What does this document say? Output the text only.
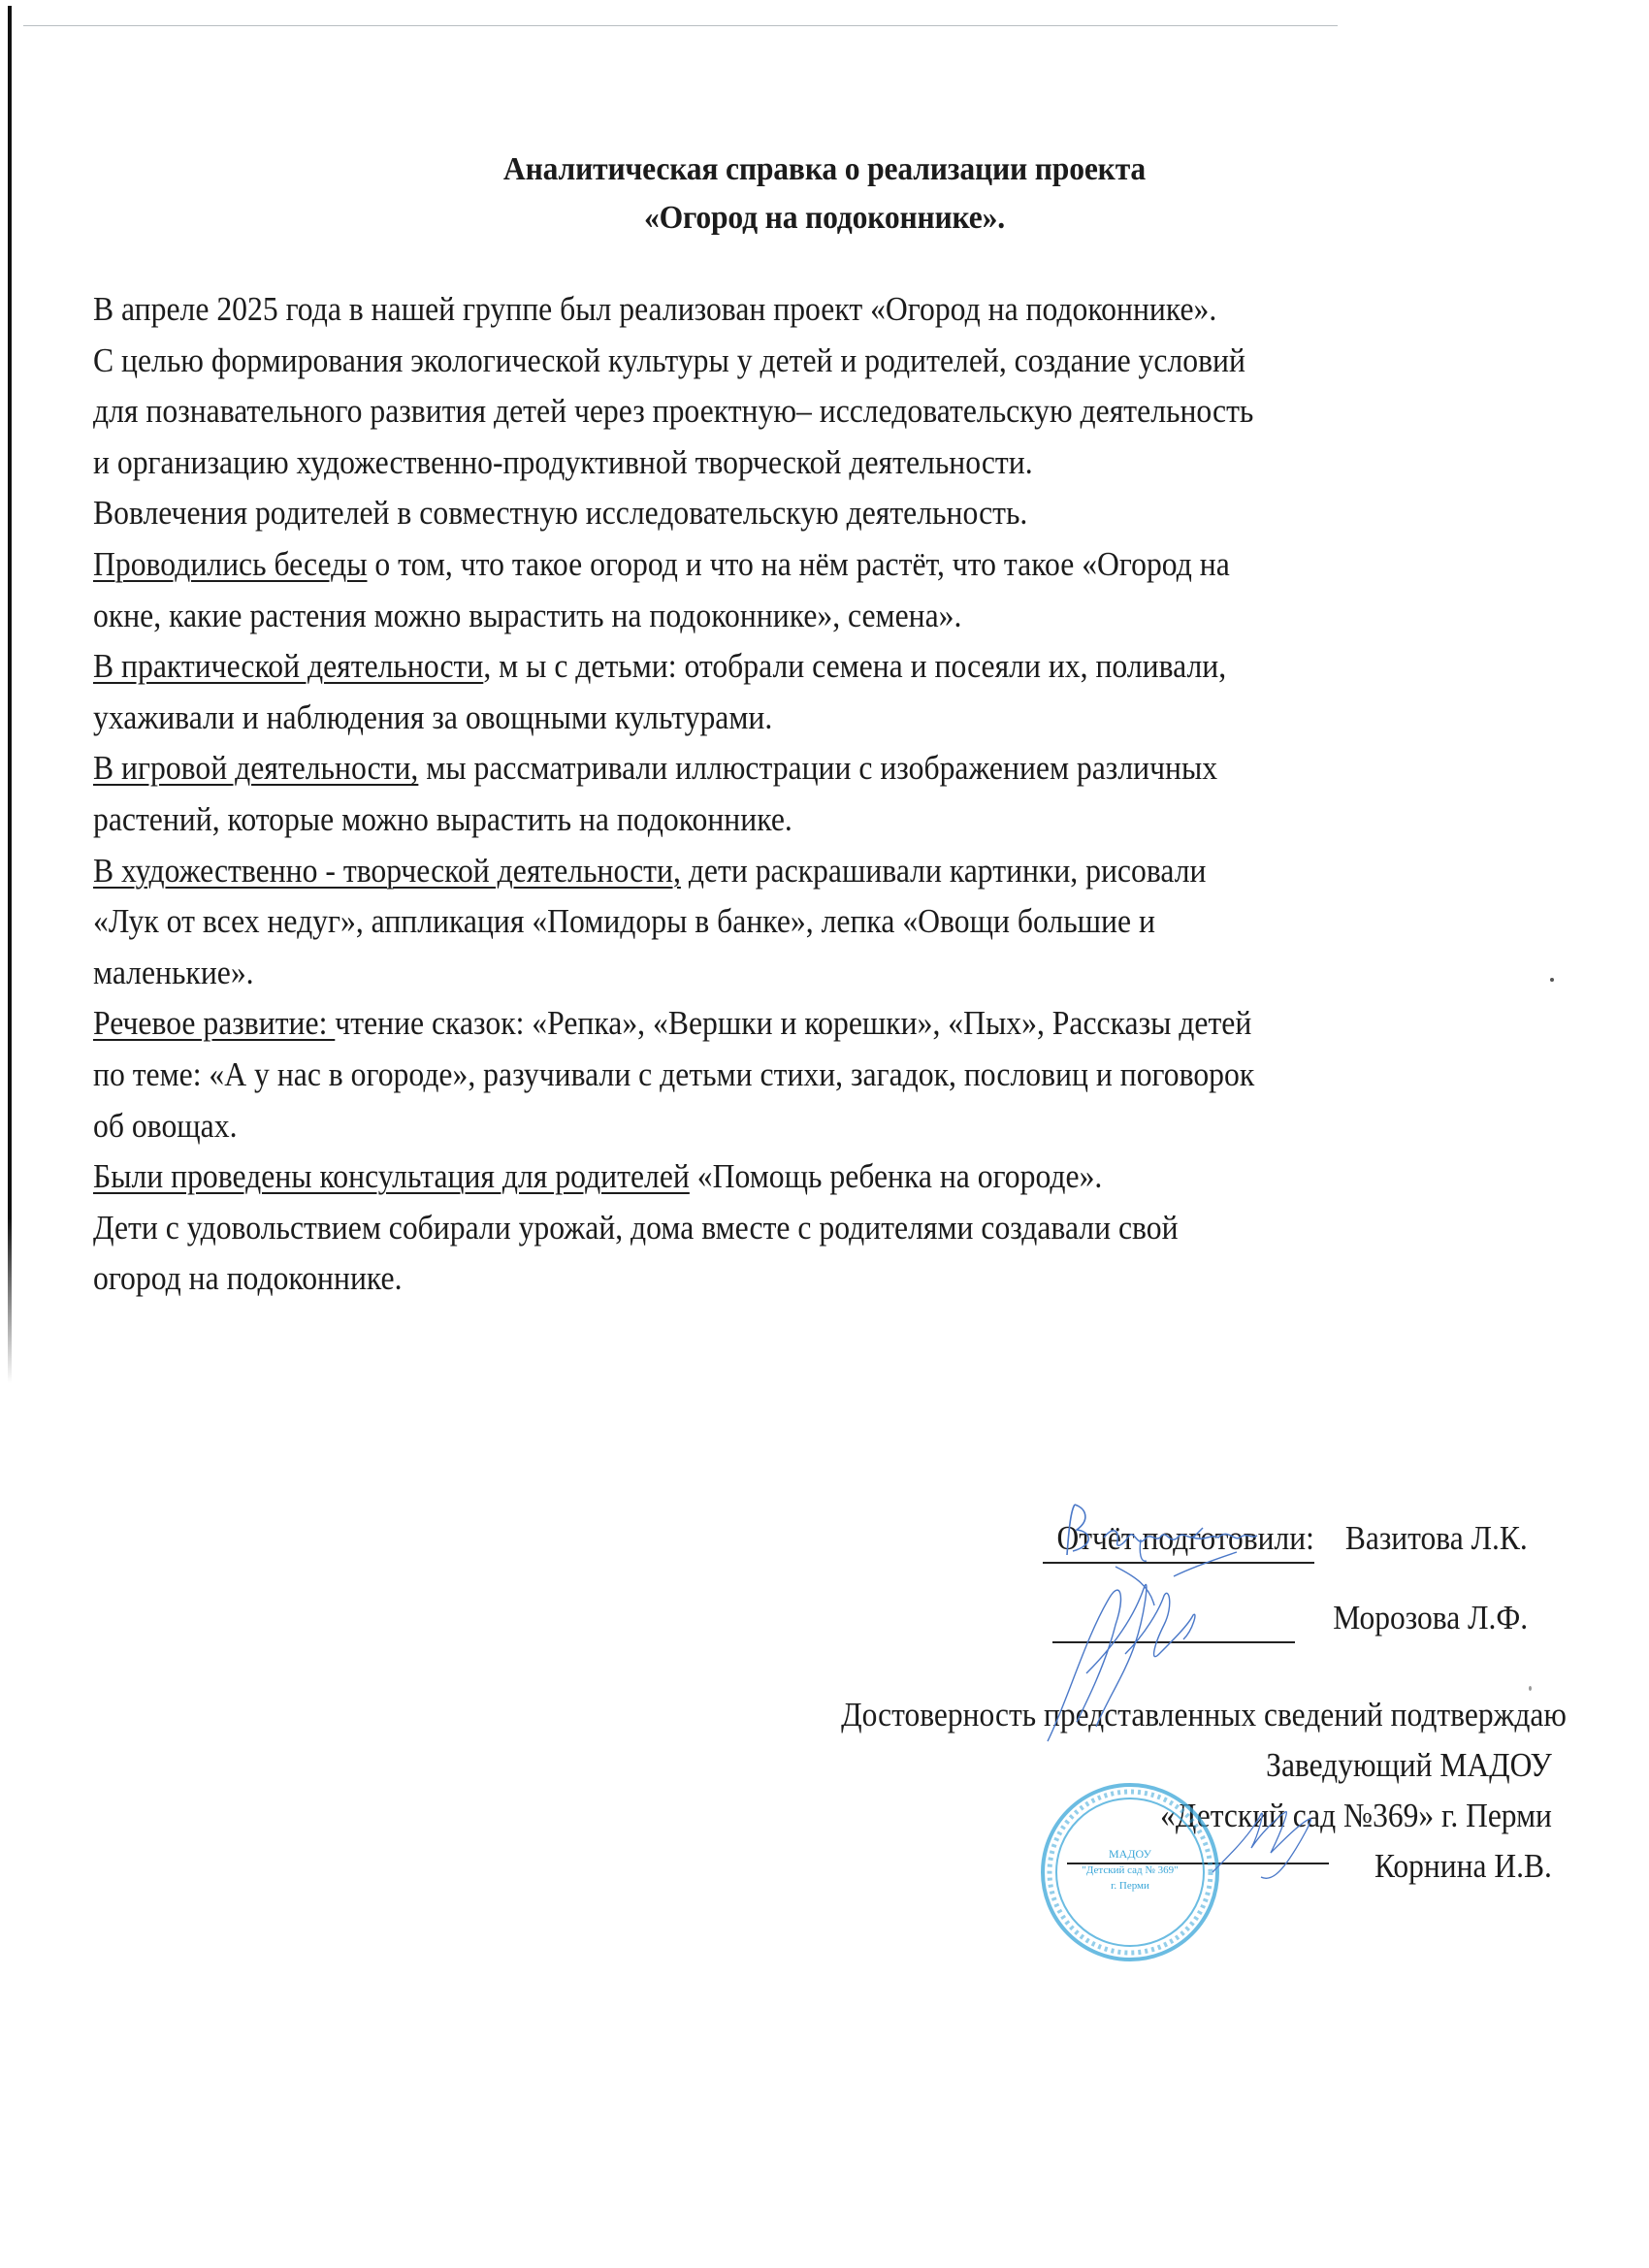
Аналитическая справка о реализации проекта
«Огород на подоконнике».
В апреле 2025 года в нашей группе был реализован проект «Огород на подоконнике».
С целью формирования экологической культуры у детей и родителей, создание условий
для познавательного развития детей через проектную– исследовательскую деятельность
и организацию художественно-продуктивной творческой деятельности.
Вовлечения родителей в совместную исследовательскую деятельность.
Проводились беседы о том, что такое огород и что на нём растёт, что такое «Огород на
окне, какие растения можно вырастить на подоконнике», семена».
В практической деятельности, м ы с детьми: отобрали семена и посеяли их, поливали,
ухаживали и наблюдения за овощными культурами.
В игровой деятельности, мы рассматривали иллюстрации с изображением различных
растений, которые можно вырастить на подоконнике.
В художественно - творческой деятельности, дети раскрашивали картинки, рисовали
«Лук от всех недуг», аппликация «Помидоры в банке», лепка «Овощи большие и
маленькие».
Речевое развитие: чтение сказок: «Репка», «Вершки и корешки», «Пых», Рассказы детей
по теме: «А у нас в огороде», разучивали с детьми стихи, загадок, пословиц и поговорок
об овощах.
Были проведены консультация для родителей «Помощь ребенка на огороде».
Дети с удовольствием собирали урожай, дома вместе с родителями создавали свой
огород на подоконнике.
Отчёт подготовили: Вазитова Л.К.
Морозова Л.Ф.
Достоверность представленных сведений подтверждаю
Заведующий МАДОУ
«Детский сад №369» г. Перми
Корнина И.В.
МАДОУ
"Детский сад № 369"
г. Перми
